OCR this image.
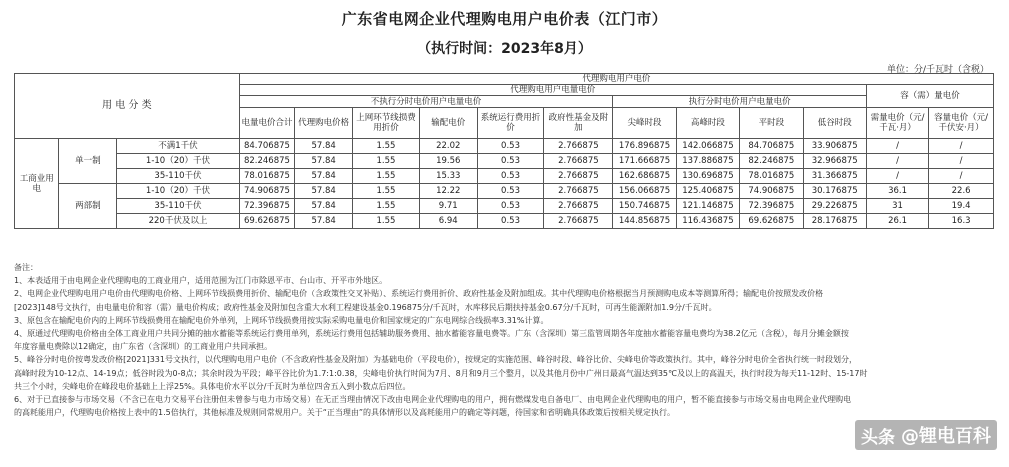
广东省电网企业代理购电用户电价表（江门市）
（执行时间：2023年8月）
单位：分/千瓦时（含税）
用 电 分 类			代理购电用户电价											
			代理购电用户电量电价										容（需）量电价	
			不执行分时电价用户电量电价						执行分时电价用户电量电价					
			电量电价合计	代理购电价格	上网环节线损费用折价	输配电价	系统运行费用折价	政府性基金及附加	尖峰时段	高峰时段	平时段	低谷时段	需量电价（元/千瓦·月）	容量电价（元/千伏安·月）
工商业用电	单一制	不满1千伏	84.706875	57.84	1.55	22.02	0.53	2.766875	176.896875	142.066875	84.706875	33.906875	/	/
		1-10（20）千伏	82.246875	57.84	1.55	19.56	0.53	2.766875	171.666875	137.886875	82.246875	32.966875	/	/
		35-110千伏	78.016875	57.84	1.55	15.33	0.53	2.766875	162.686875	130.696875	78.016875	31.366875	/	/
	两部制	1-10（20）千伏	74.906875	57.84	1.55	12.22	0.53	2.766875	156.066875	125.406875	74.906875	30.176875	36.1	22.6
		35-110千伏	72.396875	57.84	1.55	9.71	0.53	2.766875	150.746875	121.146875	72.396875	29.226875	31	19.4
		220千伏及以上	69.626875	57.84	1.55	6.94	0.53	2.766875	144.856875	116.436875	69.626875	28.176875	26.1	16.3
备注：
1、本表适用于由电网企业代理购电的工商业用户，适用范围为江门市除恩平市、台山市、开平市外地区。
2、电网企业代理购电用户电价由代理购电价格、上网环节线损费用折价、输配电价（含政策性交叉补贴）、系统运行费用折价、政府性基金及附加组成。其中代理购电价格根据当月预测购电成本等测算所得；输配电价按照发改价格
[2023]148号文执行，由电量电价和容（需）量电价构成；政府性基金及附加包含重大水利工程建设基金0.196875分/千瓦时，水库移民后期扶持基金0.67分/千瓦时，可再生能源附加1.9分/千瓦时。
3、原包含在输配电价内的上网环节线损费用在输配电价外单列，上网环节线损费用按实际采购电量电价和国家规定的广东电网综合线损率3.31%计算。
4、原通过代理购电价格由全体工商业用户共同分摊的抽水蓄能等系统运行费用单列，系统运行费用包括辅助服务费用、抽水蓄能容量电费等。广东（含深圳）第三监管周期各年度抽水蓄能容量电费均为38.2亿元（含税），每月分摊金额按
年度容量电费除以12确定，由广东省（含深圳）的工商业用户共同承担。
5、峰谷分时电价按粤发改价格[2021]331号文执行，以代理购电用户电价（不含政府性基金及附加）为基础电价（平段电价），按规定的实施范围、峰谷时段、峰谷比价、尖峰电价等政策执行。其中，峰谷分时电价全省执行统一时段划分，
高峰时段为10-12点、14-19点；低谷时段为0-8点；其余时段为平段；峰平谷比价为1.7:1:0.38，尖峰电价执行时间为7月、8月和9月三个整月，以及其他月份中广州日最高气温达到35℃及以上的高温天，执行时段为每天11-12时、15-17时
共三个小时，尖峰电价在峰段电价基础上上浮25%。具体电价水平以分/千瓦时为单位四舍五入到小数点后四位。
6、对于已直接参与市场交易（不含已在电力交易平台注册但未曾参与电力市场交易）在无正当理由情况下改由电网企业代理购电的用户，拥有燃煤发电自备电厂、由电网企业代理购电的用户，暂不能直接参与市场交易由电网企业代理购电
的高耗能用户，代理购电价格按上表中的1.5倍执行，其他标准及规则同常规用户。关于“正当理由”的具体情形以及高耗能用户的确定等问题，待国家和省明确具体政策后按相关规定执行。
头条 @锂电百科
